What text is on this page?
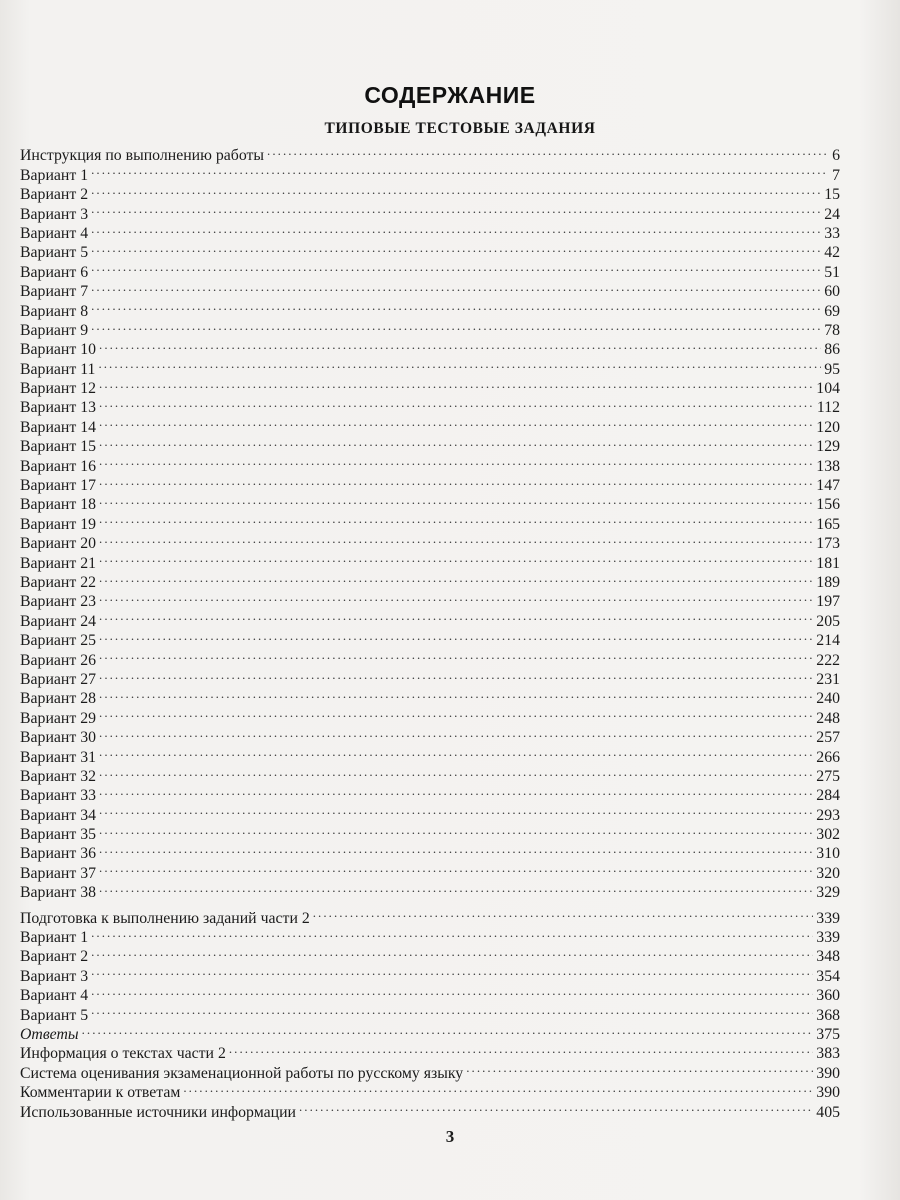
СОДЕРЖАНИЕ
ТИПОВЫЕ ТЕСТОВЫЕ ЗАДАНИЯ
Инструкция по выполнению работы . . .	6
Вариант 1 . . .	7
Вариант 2 . . .	15
Вариант 3 . . .	24
Вариант 4 . . .	33
Вариант 5 . . .	42
Вариант 6 . . .	51
Вариант 7 . . .	60
Вариант 8 . . .	69
Вариант 9 . . .	78
Вариант 10 . . .	86
Вариант 11 . . .	95
Вариант 12 . . .	104
Вариант 13 . . .	112
Вариант 14 . . .	120
Вариант 15 . . .	129
Вариант 16 . . .	138
Вариант 17 . . .	147
Вариант 18 . . .	156
Вариант 19 . . .	165
Вариант 20 . . .	173
Вариант 21 . . .	181
Вариант 22 . . .	189
Вариант 23 . . .	197
Вариант 24 . . .	205
Вариант 25 . . .	214
Вариант 26 . . .	222
Вариант 27 . . .	231
Вариант 28 . . .	240
Вариант 29 . . .	248
Вариант 30 . . .	257
Вариант 31 . . .	266
Вариант 32 . . .	275
Вариант 33 . . .	284
Вариант 34 . . .	293
Вариант 35 . . .	302
Вариант 36 . . .	310
Вариант 37 . . .	320
Вариант 38 . . .	329
Подготовка к выполнению заданий части 2 . . .	339
Вариант 1 . . .	339
Вариант 2 . . .	348
Вариант 3 . . .	354
Вариант 4 . . .	360
Вариант 5 . . .	368
Ответы . . .	375
Информация о текстах части 2 . . .	383
Система оценивания экзаменационной работы по русскому языку . . .	390
Комментарии к ответам . . .	390
Использованные источники информации . . .	405
3
